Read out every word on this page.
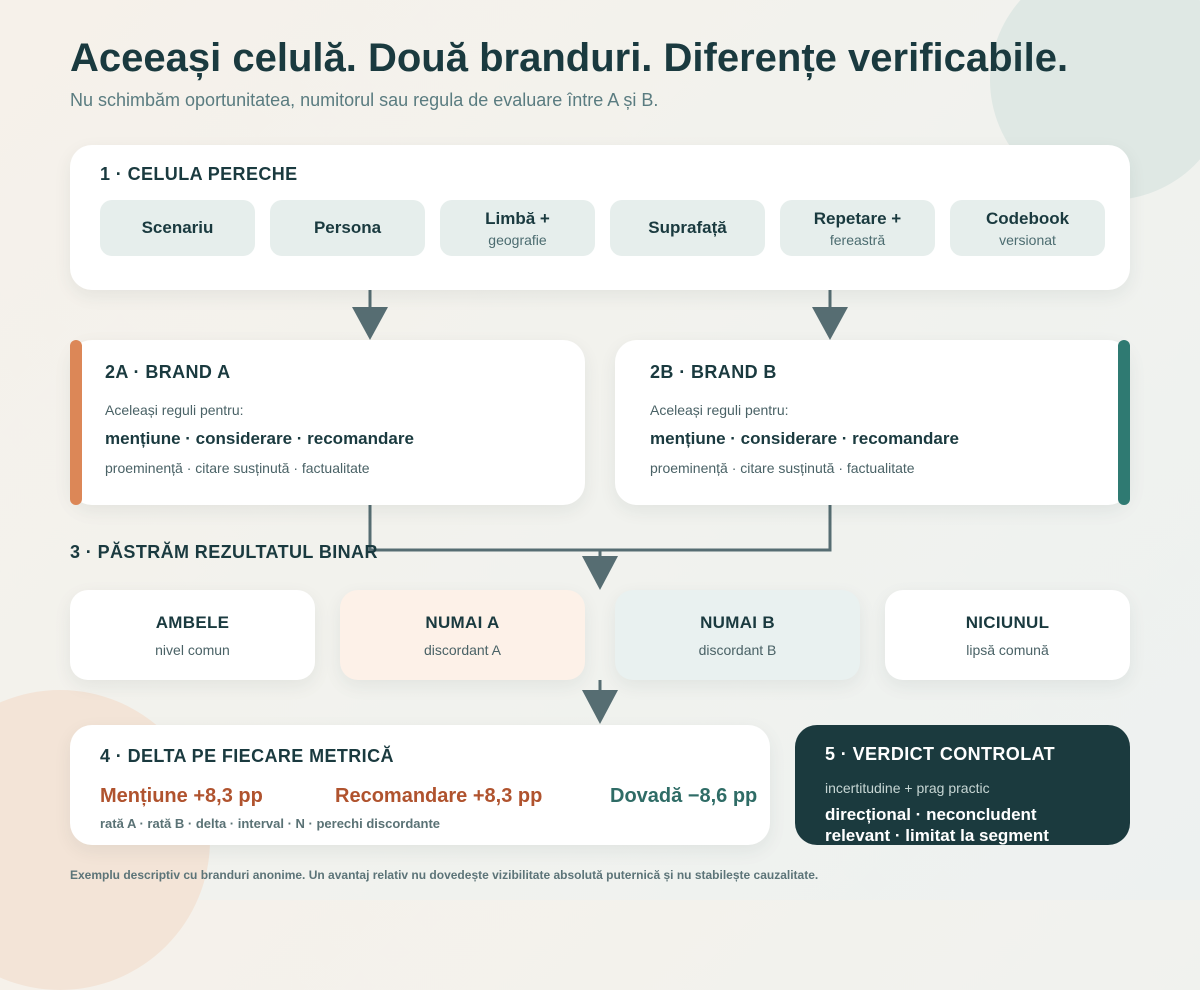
Aceeași celulă. Două branduri. Diferențe verificabile.
Nu schimbăm oportunitatea, numitorul sau regula de evaluare între A și B.
1 · CELULA PERECHE
Scenariu	Persona	Limbă +
geografie
Suprafață	Repetare +
fereastră
Codebook
versionat
2A · BRAND A
Aceleași reguli pentru:
mențiune · considerare · recomandare
proeminență · citare susținută · factualitate
2B · BRAND B
Aceleași reguli pentru:
mențiune · considerare · recomandare
proeminență · citare susținută · factualitate
3 · PĂSTRĂM REZULTATUL BINAR
AMBELE
nivel comun
NUMAI A
discordant A
NUMAI B
discordant B
NICIUNUL
lipsă comună
4 · DELTA PE FIECARE METRICĂ
Mențiune +8,3 pp	Recomandare +8,3 pp	Dovadă −8,6 pp
rată A · rată B · delta · interval · N · perechi discordante
5 · VERDICT CONTROLAT
incertitudine + prag practic
direcțional · neconcludent
relevant · limitat la segment
Exemplu descriptiv cu branduri anonime. Un avantaj relativ nu dovedește vizibilitate absolută puternică și nu stabilește cauzalitate.
